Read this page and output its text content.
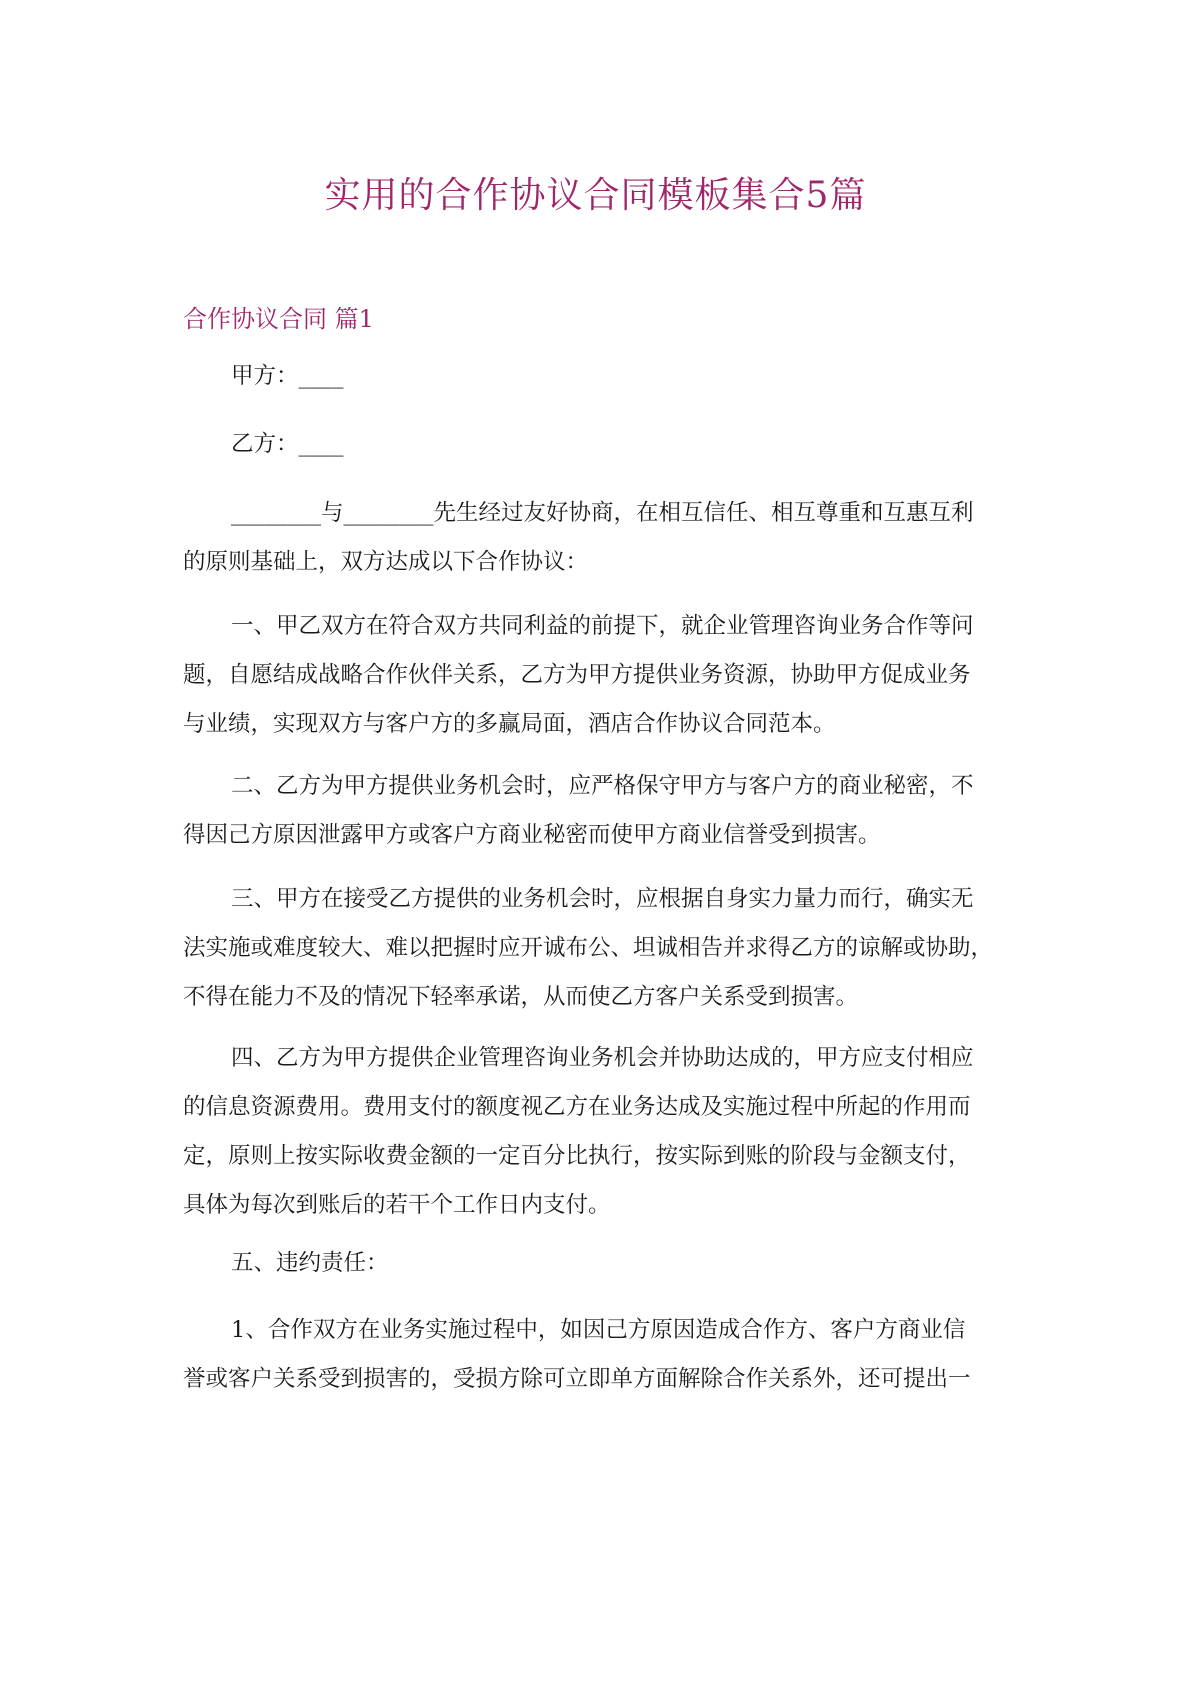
实用的合作协议合同模板集合5篇
合作协议合同 篇1

甲方：____

乙方：____

________与________先生经过友好协商，在相互信任、相互尊重和互惠互利
的原则基础上，双方达成以下合作协议：

一、甲乙双方在符合双方共同利益的前提下，就企业管理咨询业务合作等问
题，自愿结成战略合作伙伴关系，乙方为甲方提供业务资源，协助甲方促成业务
与业绩，实现双方与客户方的多赢局面，酒店合作协议合同范本。

二、乙方为甲方提供业务机会时，应严格保守甲方与客户方的商业秘密，不
得因己方原因泄露甲方或客户方商业秘密而使甲方商业信誉受到损害。

三、甲方在接受乙方提供的业务机会时，应根据自身实力量力而行，确实无
法实施或难度较大、难以把握时应开诚布公、坦诚相告并求得乙方的谅解或协助，
不得在能力不及的情况下轻率承诺，从而使乙方客户关系受到损害。

四、乙方为甲方提供企业管理咨询业务机会并协助达成的，甲方应支付相应
的信息资源费用。费用支付的额度视乙方在业务达成及实施过程中所起的作用而
定，原则上按实际收费金额的一定百分比执行，按实际到账的阶段与金额支付，
具体为每次到账后的若干个工作日内支付。

五、违约责任：

1、合作双方在业务实施过程中，如因己方原因造成合作方、客户方商业信
誉或客户关系受到损害的，受损方除可立即单方面解除合作关系外，还可提出一
